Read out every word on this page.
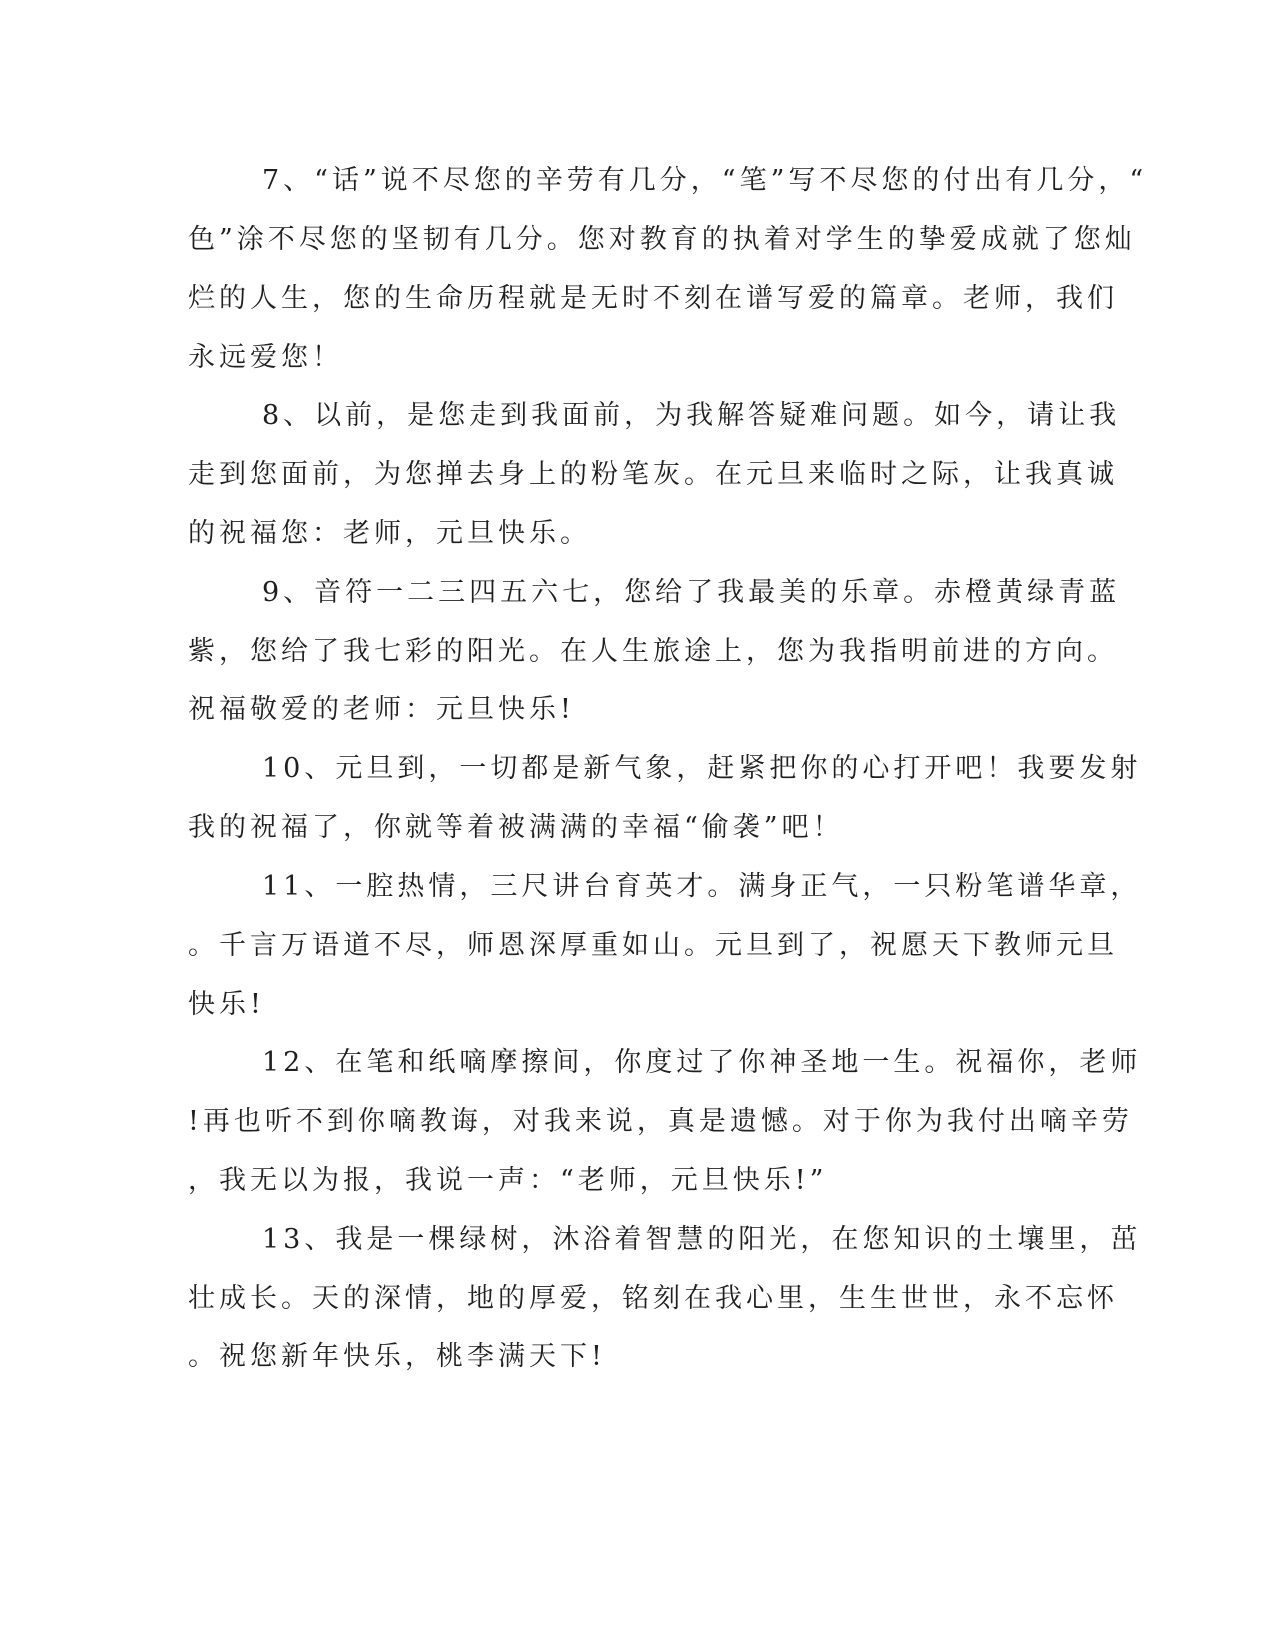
7、“话”说不尽您的辛劳有几分，“笔”写不尽您的付出有几分，“

色”涂不尽您的坚韧有几分。您对教育的执着对学生的挚爱成就了您灿

烂的人生，您的生命历程就是无时不刻在谱写爱的篇章。老师，我们

永远爱您！

8、以前，是您走到我面前，为我解答疑难问题。如今，请让我

走到您面前，为您掸去身上的粉笔灰。在元旦来临时之际，让我真诚

的祝福您：老师，元旦快乐。

9、音符一二三四五六七，您给了我最美的乐章。赤橙黄绿青蓝

紫，您给了我七彩的阳光。在人生旅途上，您为我指明前进的方向。

祝福敬爱的老师：元旦快乐!

10、元旦到，一切都是新气象，赶紧把你的心打开吧！我要发射

我的祝福了，你就等着被满满的幸福“偷袭”吧！

11、一腔热情，三尺讲台育英才。满身正气，一只粉笔谱华章，

。千言万语道不尽，师恩深厚重如山。元旦到了，祝愿天下教师元旦

快乐!

12、在笔和纸嘀摩擦间，你度过了你神圣地一生。祝福你，老师

!再也听不到你嘀教诲，对我来说，真是遗憾。对于你为我付出嘀辛劳

，我无以为报，我说一声：“老师，元旦快乐!”

13、我是一棵绿树，沐浴着智慧的阳光，在您知识的土壤里，茁

壮成长。天的深情，地的厚爱，铭刻在我心里，生生世世，永不忘怀

。祝您新年快乐，桃李满天下!
